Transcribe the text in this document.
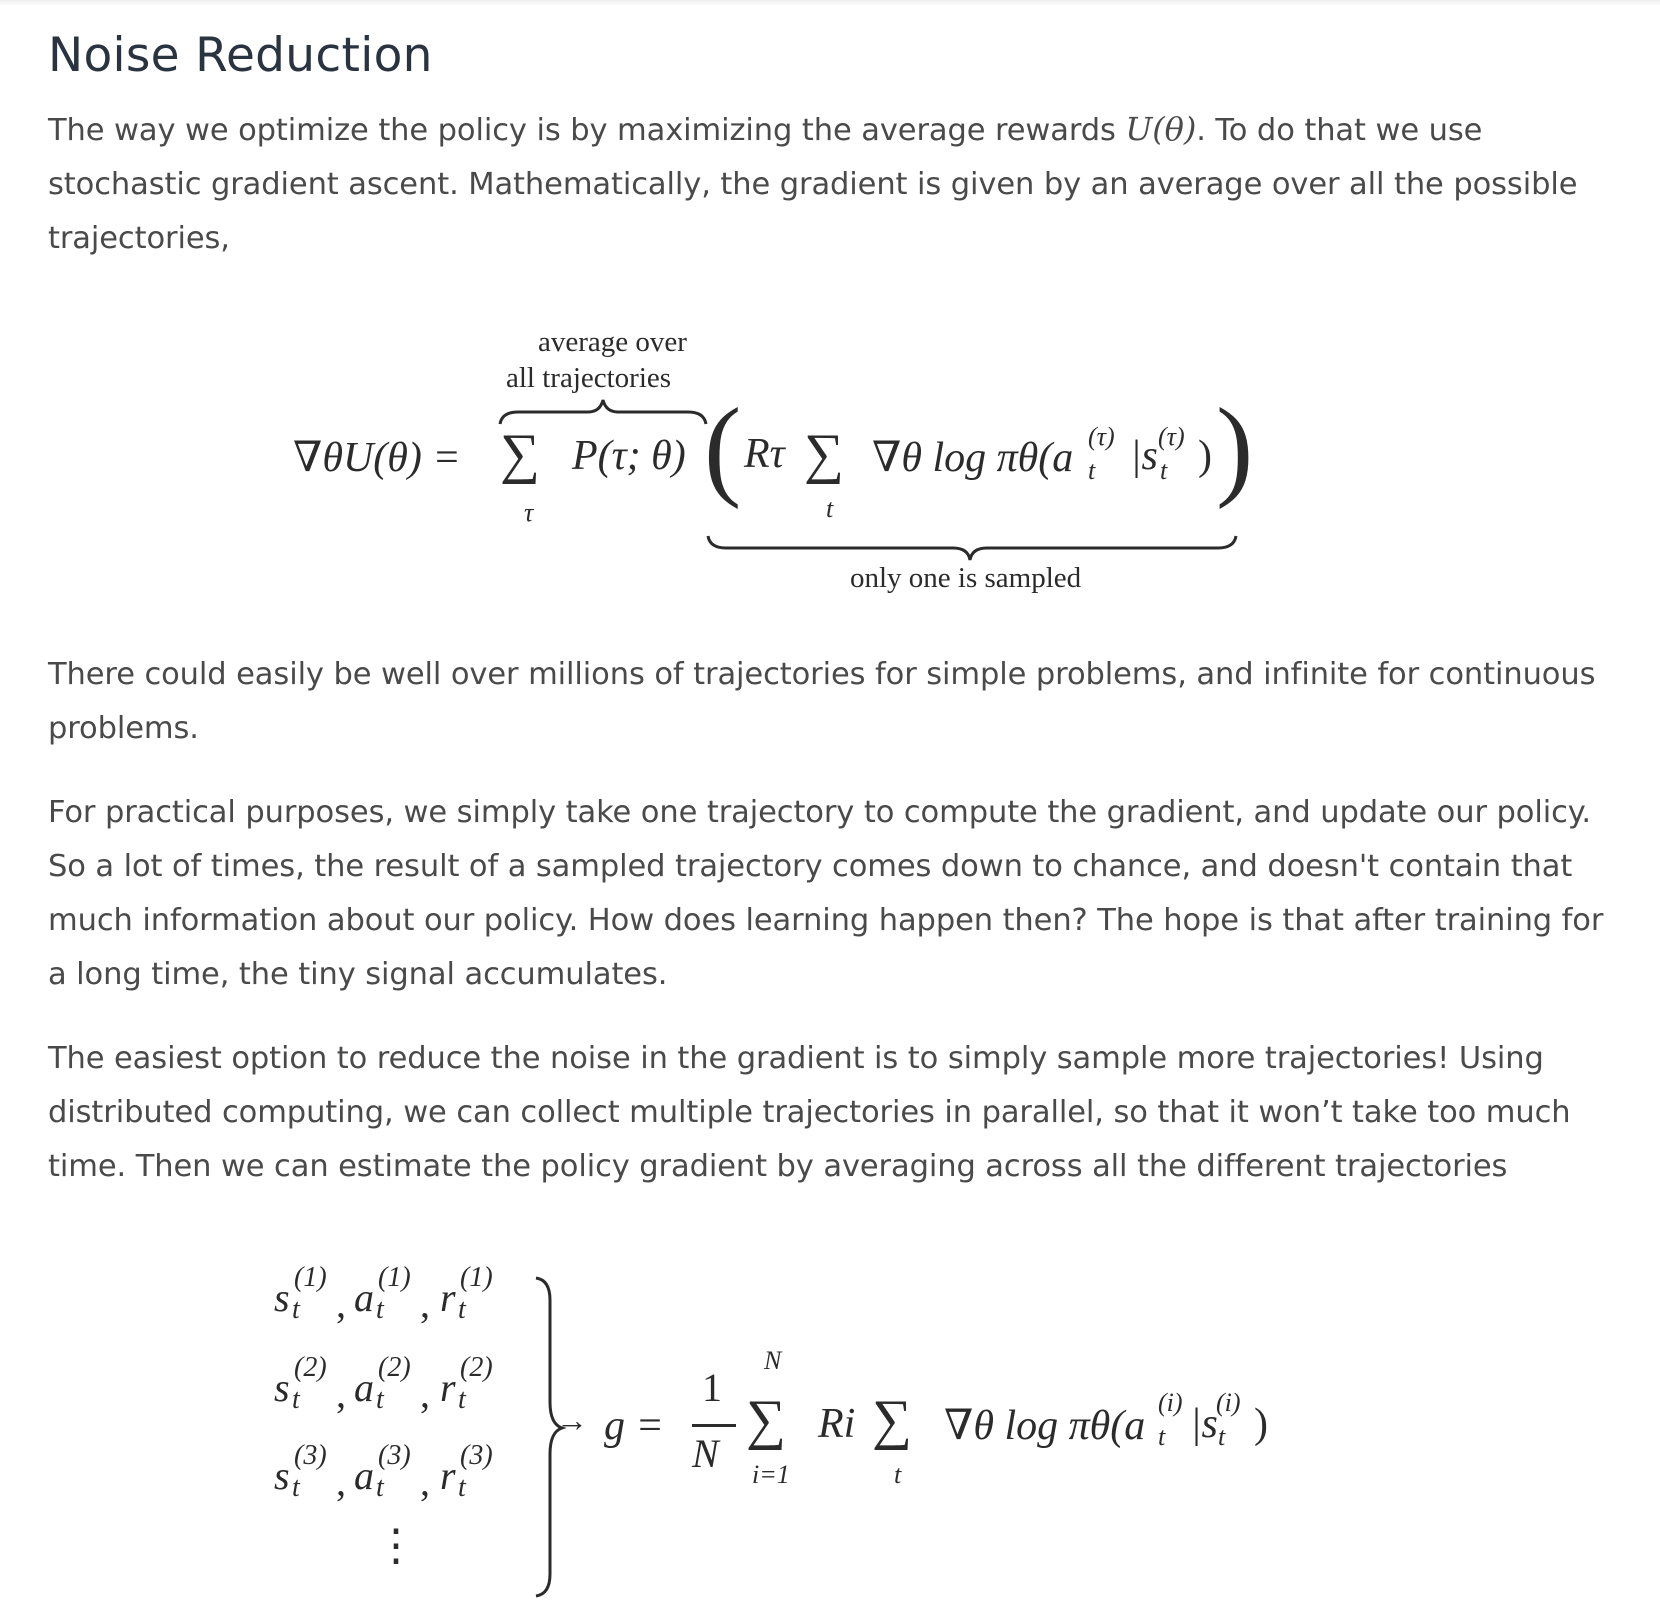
Noise Reduction

The way we optimize the policy is by maximizing the average rewards U(θ). To do that we use stochastic gradient ascent. Mathematically, the gradient is given by an average over all the possible trajectories,

average over
all trajectories
∇θU(θ) = ∑
τ
P(τ; θ) ( Rτ ∑
t
∇θ log πθ(a (τ)
t |s (τ)
t ) )
only one is sampled

There could easily be well over millions of trajectories for simple problems, and infinite for continuous problems.

For practical purposes, we simply take one trajectory to compute the gradient, and update our policy. So a lot of times, the result of a sampled trajectory comes down to chance, and doesn't contain that much information about our policy. How does learning happen then? The hope is that after training for a long time, the tiny signal accumulates.

The easiest option to reduce the noise in the gradient is to simply sample more trajectories! Using distributed computing, we can collect multiple trajectories in parallel, so that it won’t take too much time. Then we can estimate the policy gradient by averaging across all the different trajectories

s (1)
t , a (1)
t , r (1)
t
s (2)
t , a (2)
t , r (2)
t
s (3)
t , a (3)
t , r (3)
t
⋮
→ g =
1
N
N
∑
i=1
Ri ∑
t
∇θ log πθ(a
(i)
t |s
(i)
t )
